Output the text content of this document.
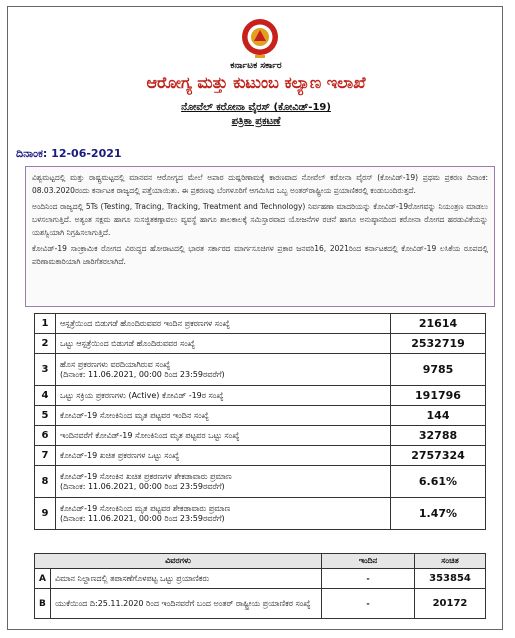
ಕರ್ನಾಟಕ ಸರ್ಕಾರ
ಆರೋಗ್ಯ ಮತ್ತು ಕುಟುಂಬ ಕಲ್ಯಾಣ ಇಲಾಖೆ
ನೋವೆಲ್ ಕರೋನಾ ವೈರಸ್ (ಕೋವಿಡ್-19)
ಪತ್ರಿಕಾ ಪ್ರಕಟಣೆ
ದಿನಾಂಕ: 12-06-2021

ವಿಶ್ವಮಟ್ಟದಲ್ಲಿ ಮತ್ತು ರಾಷ್ಟ್ರಮಟ್ಟದಲ್ಲಿ ಮಾನವನ ಆರೋಗ್ಯದ ಮೇಲೆ ಅಪಾರ ದುಷ್ಪರಿಣಾಮಕ್ಕೆ ಕಾರಣವಾದ ನೋವೆಲ್ ಕರೋನಾ ವೈರಸ್ (ಕೋವಿಡ್-19) ಪ್ರಥಮ ಪ್ರಕರಣ ದಿನಾಂಕ: 08.03.2020ರಂದು ಕರ್ನಾಟಕ ರಾಜ್ಯದಲ್ಲಿ ಪತ್ತೆಯಾಯಿತು. ಈ ಪ್ರಕರಣವು ಬೆಂಗಳೂರಿಗೆ ಆಗಮಿಸಿದ ಒಬ್ಬ ಅಂತರ್‌ರಾಷ್ಟ್ರೀಯ ಪ್ರಯಾಣಿಕರಲ್ಲಿ ಕಂಡುಬಂದಿರುತ್ತದೆ.

ಅಂದಿನಿಂದ ರಾಜ್ಯದಲ್ಲಿ 5Ts (Testing, Tracing, Tracking, Treatment and Technology) ನಿರ್ವಹಣಾ ಮಾದರಿಯನ್ನು ಕೋವಿಡ್-19ರೋಗವನ್ನು ನಿಯಂತ್ರಣ ಮಾಡಲು ಬಳಸಲಾಗುತ್ತಿದೆ. ಅತ್ಯಂತ ಸಕ್ಷಮ ಹಾಗೂ ಸುಸಜ್ಜಿತಕಣ್ಗಾವಲು ವ್ಯವಸ್ಥೆ ಹಾಗೂ ಶಾಲಕಾಲಕ್ಕೆ ಸಮಿಸ್ತಾರವಾದ ಯೋಜನೆಗಳ ರಚನೆ ಹಾಗೂ ಅನುಷ್ಠಾನದಿಂದ ಕರೋನಾ ರೋಗದ ಹರಡುವಿಕೆಯನ್ನು ಯಶಸ್ವಿಯಾಗಿ ನಿಗ್ರಹಿಸಲಾಗುತ್ತಿದೆ.

ಕೋವಿಡ್-19 ಸಾಂಕ್ರಾಮಿಕ ರೋಗದ ವಿರುದ್ಧದ ಹೋರಾಟದಲ್ಲಿ ಭಾರತ ಸರ್ಕಾರದ ಮಾರ್ಗಸೂಚಿಗಳ ಪ್ರಕಾರ ಜನವರಿ16, 2021ರಿಂದ ಕರ್ನಾಟಕದಲ್ಲಿ ಕೋವಿಡ್-19 ಲಸಿಕೆಯ ರೂಪದಲ್ಲಿ ಪರಿಣಾಮಕಾರಿಯಾಗಿ ಜಾರಿಗೆತರಲಾಗಿದೆ.

1	ಆಸ್ಪತ್ರೆಯಿಂದ ಬಿಡುಗಡೆ ಹೊಂದಿರುವವರ ಇಂದಿನ ಪ್ರಕರಣಗಳ ಸಂಖ್ಯೆ	21614
2	ಒಟ್ಟು ಆಸ್ಪತ್ರೆಯಿಂದ ಬಿಡುಗಡೆ ಹೊಂದಿರುವವರ ಸಂಖ್ಯೆ	2532719
3	ಹೊಸ ಪ್ರಕರಣಗಳು ವರದಿಯಾಗಿರುವ ಸಂಖ್ಯೆ
(ದಿನಾಂಕ: 11.06.2021, 00:00 ರಿಂದ 23:59ರವರೆಗೆ)	9785
4	ಒಟ್ಟು ಸಕ್ರಿಯ ಪ್ರಕರಣಗಳು (Active) ಕೋವಿಡ್ -19ರ ಸಂಖ್ಯೆ	191796
5	ಕೋವಿಡ್-19 ಸೋಂಕಿನಿಂದ ಮೃತ ಪಟ್ಟವರ ಇಂದಿನ ಸಂಖ್ಯೆ	144
6	ಇಂದಿನವರೆಗೆ ಕೋವಿಡ್-19 ಸೋಂಕಿನಿಂದ ಮೃತ ಪಟ್ಟವರ ಒಟ್ಟು ಸಂಖ್ಯೆ	32788
7	ಕೋವಿಡ್-19 ಖಚಿತ ಪ್ರಕರಣಗಳ ಒಟ್ಟು ಸಂಖ್ಯೆ	2757324
8	ಕೋವಿಡ್-19 ಸೋಂಕಿನ ಖಚಿತ ಪ್ರಕರಣಗಳ ಶೇಕಡಾವಾರು ಪ್ರಮಾಣ
(ದಿನಾಂಕ: 11.06.2021, 00:00 ರಿಂದ 23:59ರವರೆಗೆ)	6.61%
9	ಕೋವಿಡ್-19 ಸೋಂಕಿನಿಂದ ಮೃತ ಪಟ್ಟವರ ಶೇಕಡಾವಾರು ಪ್ರಮಾಣ
(ದಿನಾಂಕ: 11.06.2021, 00:00 ರಿಂದ 23:59ರವರೆಗೆ)	1.47%
ವಿವರಗಳು		ಇಂದಿನ	ಸಂಚಿತ
A	ವಿಮಾನ ನಿಲ್ದಾಣದಲ್ಲಿ ತಪಾಸಣೆಗೊಳಪಟ್ಟ ಒಟ್ಟು ಪ್ರಯಾಣಿಕರು	-	353854
B	ಯುಕೆಯಿಂದ ದಿ:25.11.2020 ರಿಂದ ಇಂದಿನವರೆಗೆ ಬಂದ ಅಂತರ್ ರಾಷ್ಟ್ರೀಯ ಪ್ರಯಾಣಿಕರ ಸಂಖ್ಯೆ	-	20172
